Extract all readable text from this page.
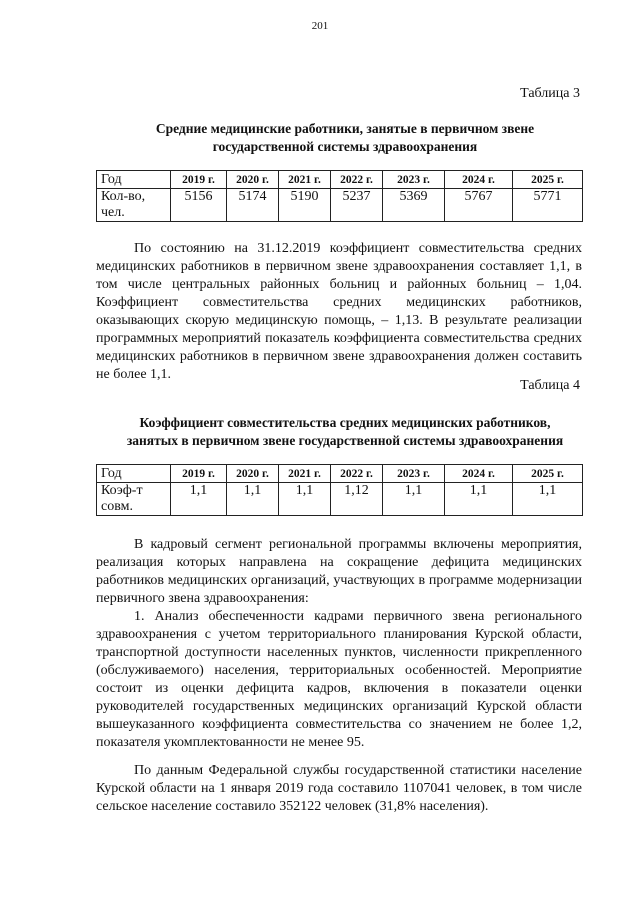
201
Таблица 3
Средние медицинские работники, занятые в первичном звене
государственной системы здравоохранения
Год	2019 г.	2020 г.	2021 г.	2022 г.	2023 г.	2024 г.	2025 г.

Кол-во,
чел.	5156	5174	5190	5237	5369	5767	5771
По состоянию на 31.12.2019 коэффициент совместительства средних медицинских работников в первичном звене здравоохранения составляет 1,1, в том числе центральных районных больниц и районных больниц – 1,04. Коэффициент совместительства средних медицинских работников, оказывающих скорую медицинскую помощь, – 1,13. В результате реализации программных мероприятий показатель коэффициента совместительства средних медицинских работников в первичном звене здравоохранения должен составить не более 1,1.
Таблица 4
Коэффициент совместительства средних медицинских работников,
занятых в первичном звене государственной системы здравоохранения
Год	2019 г.	2020 г.	2021 г.	2022 г.	2023 г.	2024 г.	2025 г.

Коэф-т
совм.	1,1	1,1	1,1	1,12	1,1	1,1	1,1
В кадровый сегмент региональной программы включены мероприятия, реализация которых направлена на сокращение дефицита медицинских работников медицинских организаций, участвующих в программе модернизации первичного звена здравоохранения:
1. Анализ обеспеченности кадрами первичного звена регионального здравоохранения с учетом территориального планирования Курской области, транспортной доступности населенных пунктов, численности прикрепленного (обслуживаемого) населения, территориальных особенностей. Мероприятие состоит из оценки дефицита кадров, включения в показатели оценки руководителей государственных медицинских организаций Курской области вышеуказанного коэффициента совместительства со значением не более 1,2, показателя укомплектованности не менее 95.
По данным Федеральной службы государственной статистики население Курской области на 1 января 2019 года составило 1107041 человек, в том числе сельское население составило 352122 человек (31,8% населения).
